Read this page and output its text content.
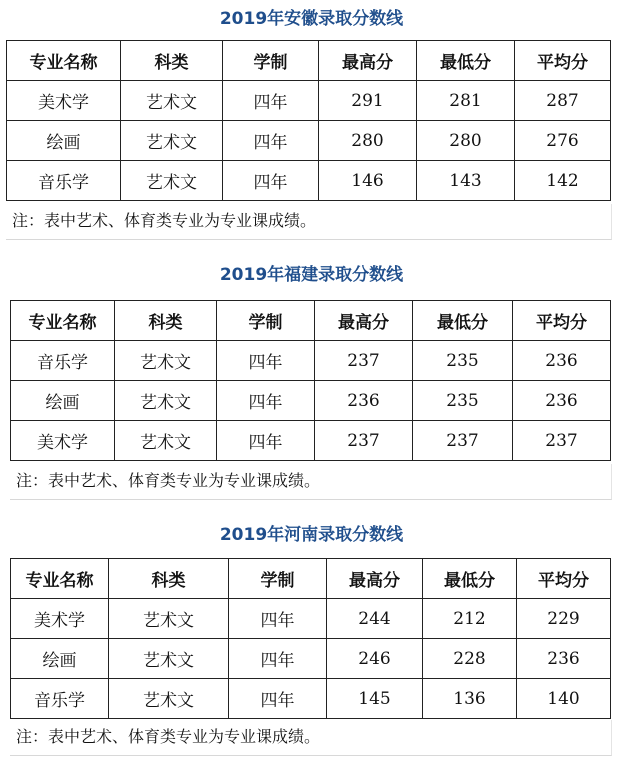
2019年安徽录取分数线
专业名称	科类	学制	最高分	最低分	平均分
美术学	艺术文	四年	291	281	287
绘画	艺术文	四年	280	280	276
音乐学	艺术文	四年	146	143	142
注：表中艺术、体育类专业为专业课成绩。
2019年福建录取分数线
专业名称	科类	学制	最高分	最低分	平均分
音乐学	艺术文	四年	237	235	236
绘画	艺术文	四年	236	235	236
美术学	艺术文	四年	237	237	237
注：表中艺术、体育类专业为专业课成绩。
2019年河南录取分数线
专业名称	科类	学制	最高分	最低分	平均分
美术学	艺术文	四年	244	212	229
绘画	艺术文	四年	246	228	236
音乐学	艺术文	四年	145	136	140
注：表中艺术、体育类专业为专业课成绩。
